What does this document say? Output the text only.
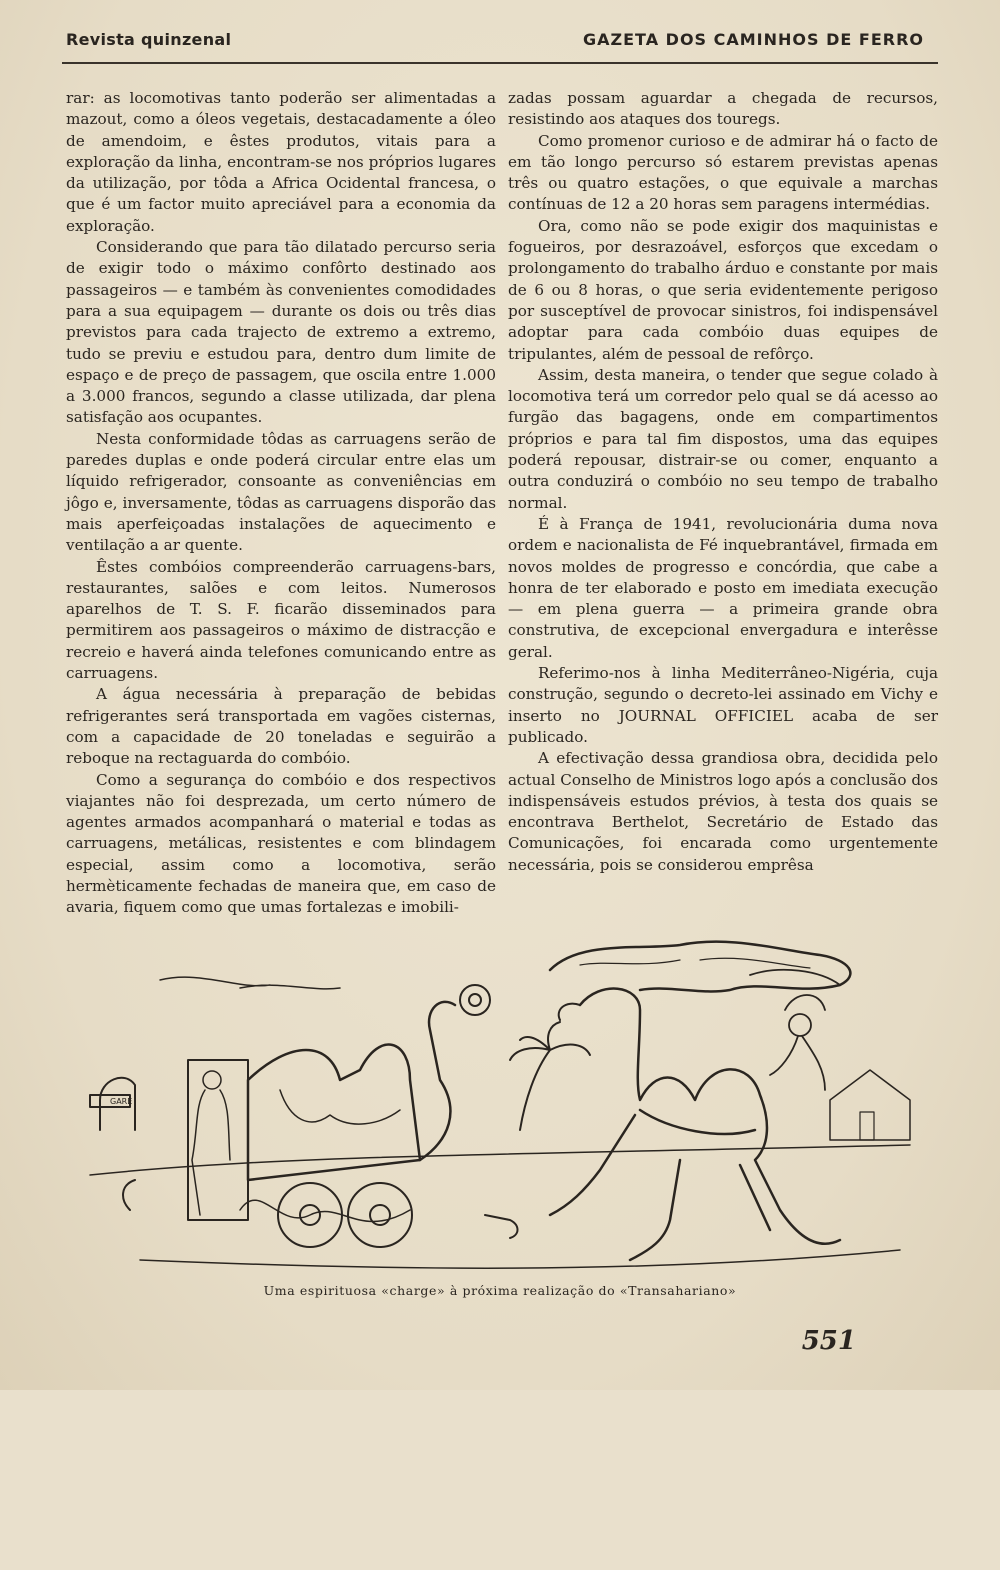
Revista quinzenal	GAZETA DOS CAMINHOS DE FERRO

rar: as locomotivas tanto poderão ser alimentadas a mazout, como a óleos vegetais, destacadamente a óleo de amendoim, e êstes produtos, vitais para a exploração da linha, encontram-se nos próprios lugares da utilização, por tôda a Africa Ocidental francesa, o que é um factor muito apreciável para a economia da exploração.

Considerando que para tão dilatado percurso seria de exigir todo o máximo confôrto destinado aos passageiros — e também às convenientes comodidades para a sua equipagem — durante os dois ou três dias previstos para cada trajecto de extremo a extremo, tudo se previu e estudou para, dentro dum limite de espaço e de preço de passagem, que oscila entre 1.000 a 3.000 francos, segundo a classe utilizada, dar plena satisfação aos ocupantes.

Nesta conformidade tôdas as carruagens serão de paredes duplas e onde poderá circular entre elas um líquido refrigerador, consoante as conveniências em jôgo e, inversamente, tôdas as carruagens disporão das mais aperfeiçoadas instalações de aquecimento e ventilação a ar quente.

Êstes combóios compreenderão carruagens-bars, restaurantes, salões e com leitos. Numerosos aparelhos de T. S. F. ficarão disseminados para permitirem aos passageiros o máximo de distracção e recreio e haverá ainda telefones comunicando entre as carruagens.

A água necessária à preparação de bebidas refrigerantes será transportada em vagões cisternas, com a capacidade de 20 toneladas e seguirão a reboque na rectaguarda do combóio.

Como a segurança do combóio e dos respectivos viajantes não foi desprezada, um certo número de agentes armados acompanhará o material e todas as carruagens, metálicas, resistentes e com blindagem especial, assim como a locomotiva, serão hermèticamente fechadas de maneira que, em caso de avaria, fiquem como que umas fortalezas e imobili-

zadas possam aguardar a chegada de recursos, resistindo aos ataques dos touregs.

Como promenor curioso e de admirar há o facto de em tão longo percurso só estarem previstas apenas três ou quatro estações, o que equivale a marchas contínuas de 12 a 20 horas sem paragens intermédias.

Ora, como não se pode exigir dos maquinistas e fogueiros, por desrazoável, esforços que excedam o prolongamento do trabalho árduo e constante por mais de 6 ou 8 horas, o que seria evidentemente perigoso por susceptível de provocar sinistros, foi indispensável adoptar para cada combóio duas equipes de tripulantes, além de pessoal de refôrço.

Assim, desta maneira, o tender que segue colado à locomotiva terá um corredor pelo qual se dá acesso ao furgão das bagagens, onde em compartimentos próprios e para tal fim dispostos, uma das equipes poderá repousar, distrair-se ou comer, enquanto a outra conduzirá o combóio no seu tempo de trabalho normal.

É à França de 1941, revolucionária duma nova ordem e nacionalista de Fé inquebrantável, firmada em novos moldes de progresso e concórdia, que cabe a honra de ter elaborado e posto em imediata execução — em plena guerra — a primeira grande obra construtiva, de excepcional envergadura e interêsse geral.

Referimo-nos à linha Mediterrâneo-Nigéria, cuja construção, segundo o decreto-lei assinado em Vichy e inserto no JOURNAL OFFICIEL acaba de ser publicado.

A efectivação dessa grandiosa obra, decidida pelo actual Conselho de Ministros logo após a conclusão dos indispensáveis estudos prévios, à testa dos quais se encontrava Berthelot, Secretário de Estado das Comunicações, foi encarada como urgentemente necessária, pois se considerou emprêsa

GARE
Uma espirituosa «charge» à próxima realização do «Transahariano»
551
